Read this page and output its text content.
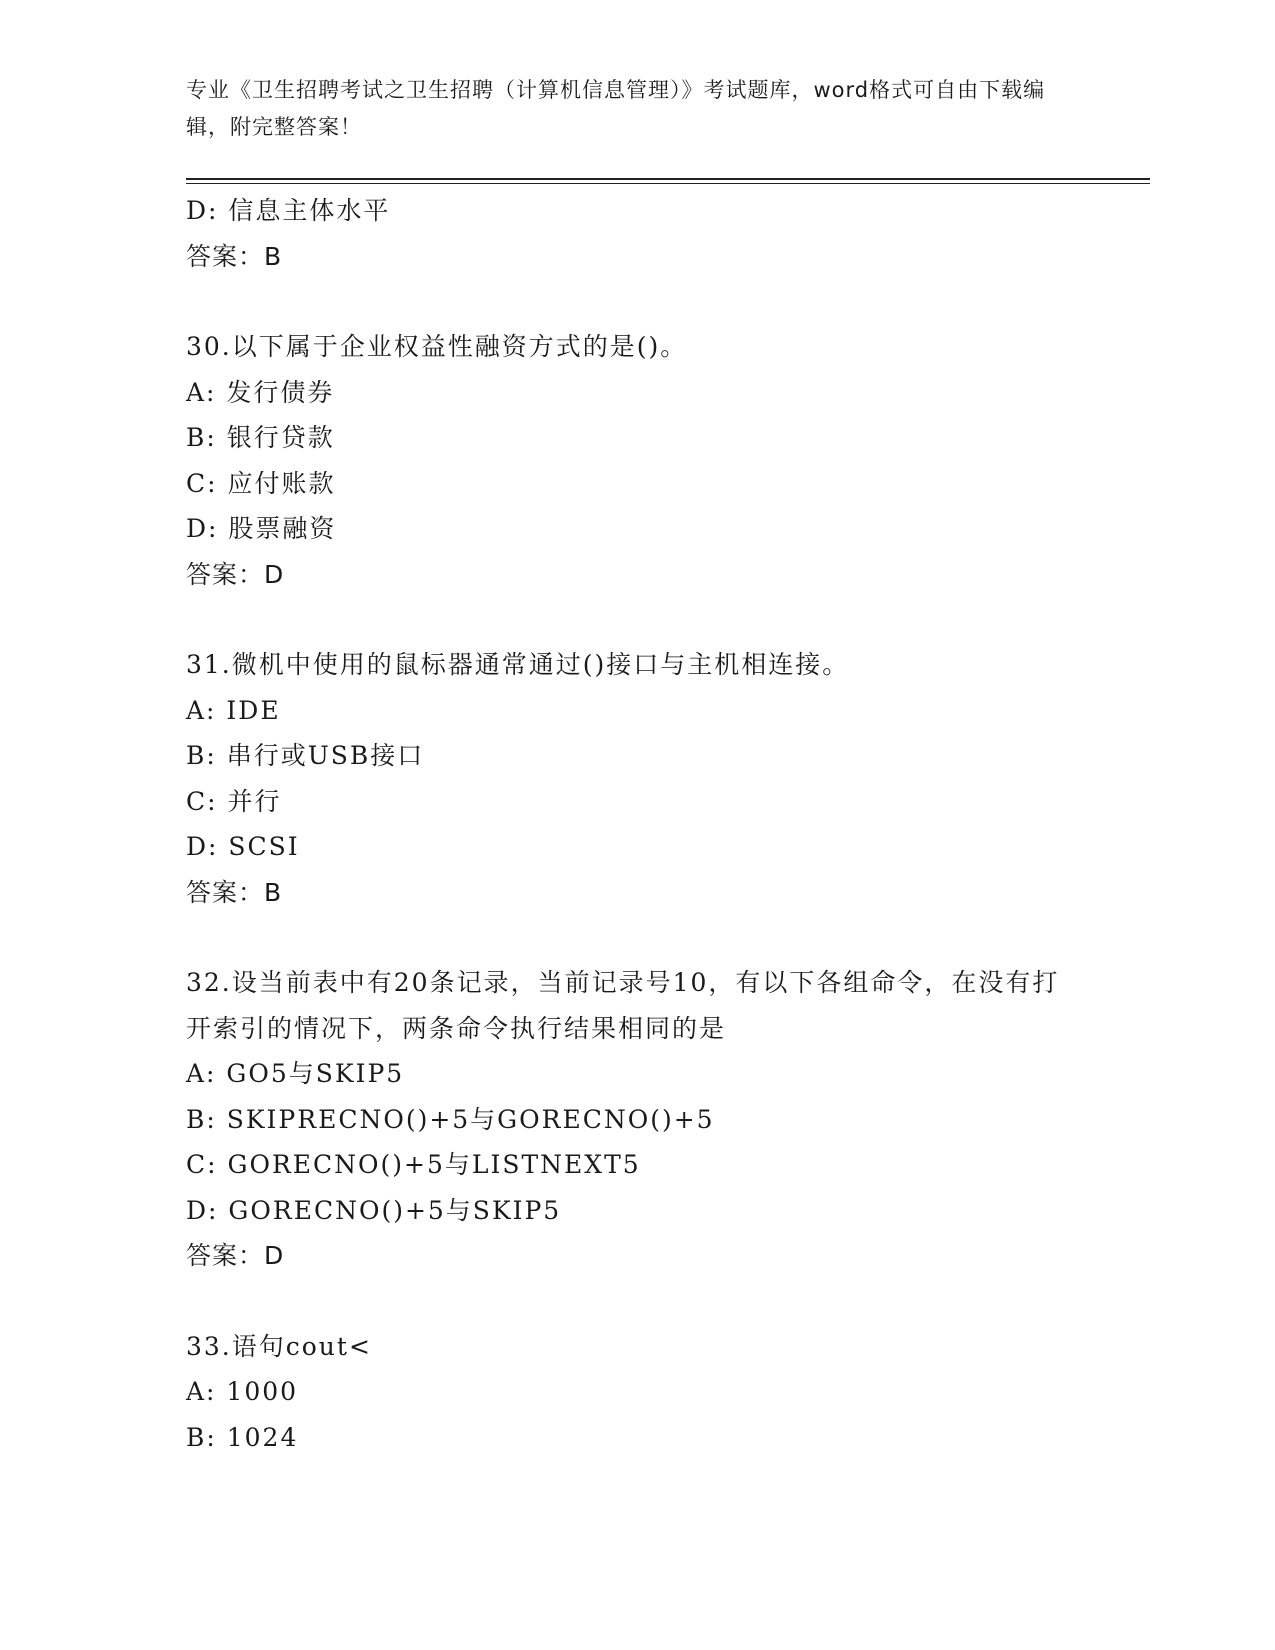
专业《卫生招聘考试之卫生招聘（计算机信息管理）》考试题库，word格式可自由下载编辑，附完整答案！
D: 信息主体水平
答案：B
30.以下属于企业权益性融资方式的是()。
A: 发行债券
B: 银行贷款
C: 应付账款
D: 股票融资
答案：D
31.微机中使用的鼠标器通常通过()接口与主机相连接。
A: IDE
B: 串行或USB接口
C: 并行
D: SCSI
答案：B
32.设当前表中有20条记录，当前记录号10，有以下各组命令，在没有打开索引的情况下，两条命令执行结果相同的是
A: GO5与SKIP5
B: SKIPRECNO()+5与GORECNO()+5
C: GORECNO()+5与LISTNEXT5
D: GORECNO()+5与SKIP5
答案：D
33.语句cout<
A: 1000
B: 1024
